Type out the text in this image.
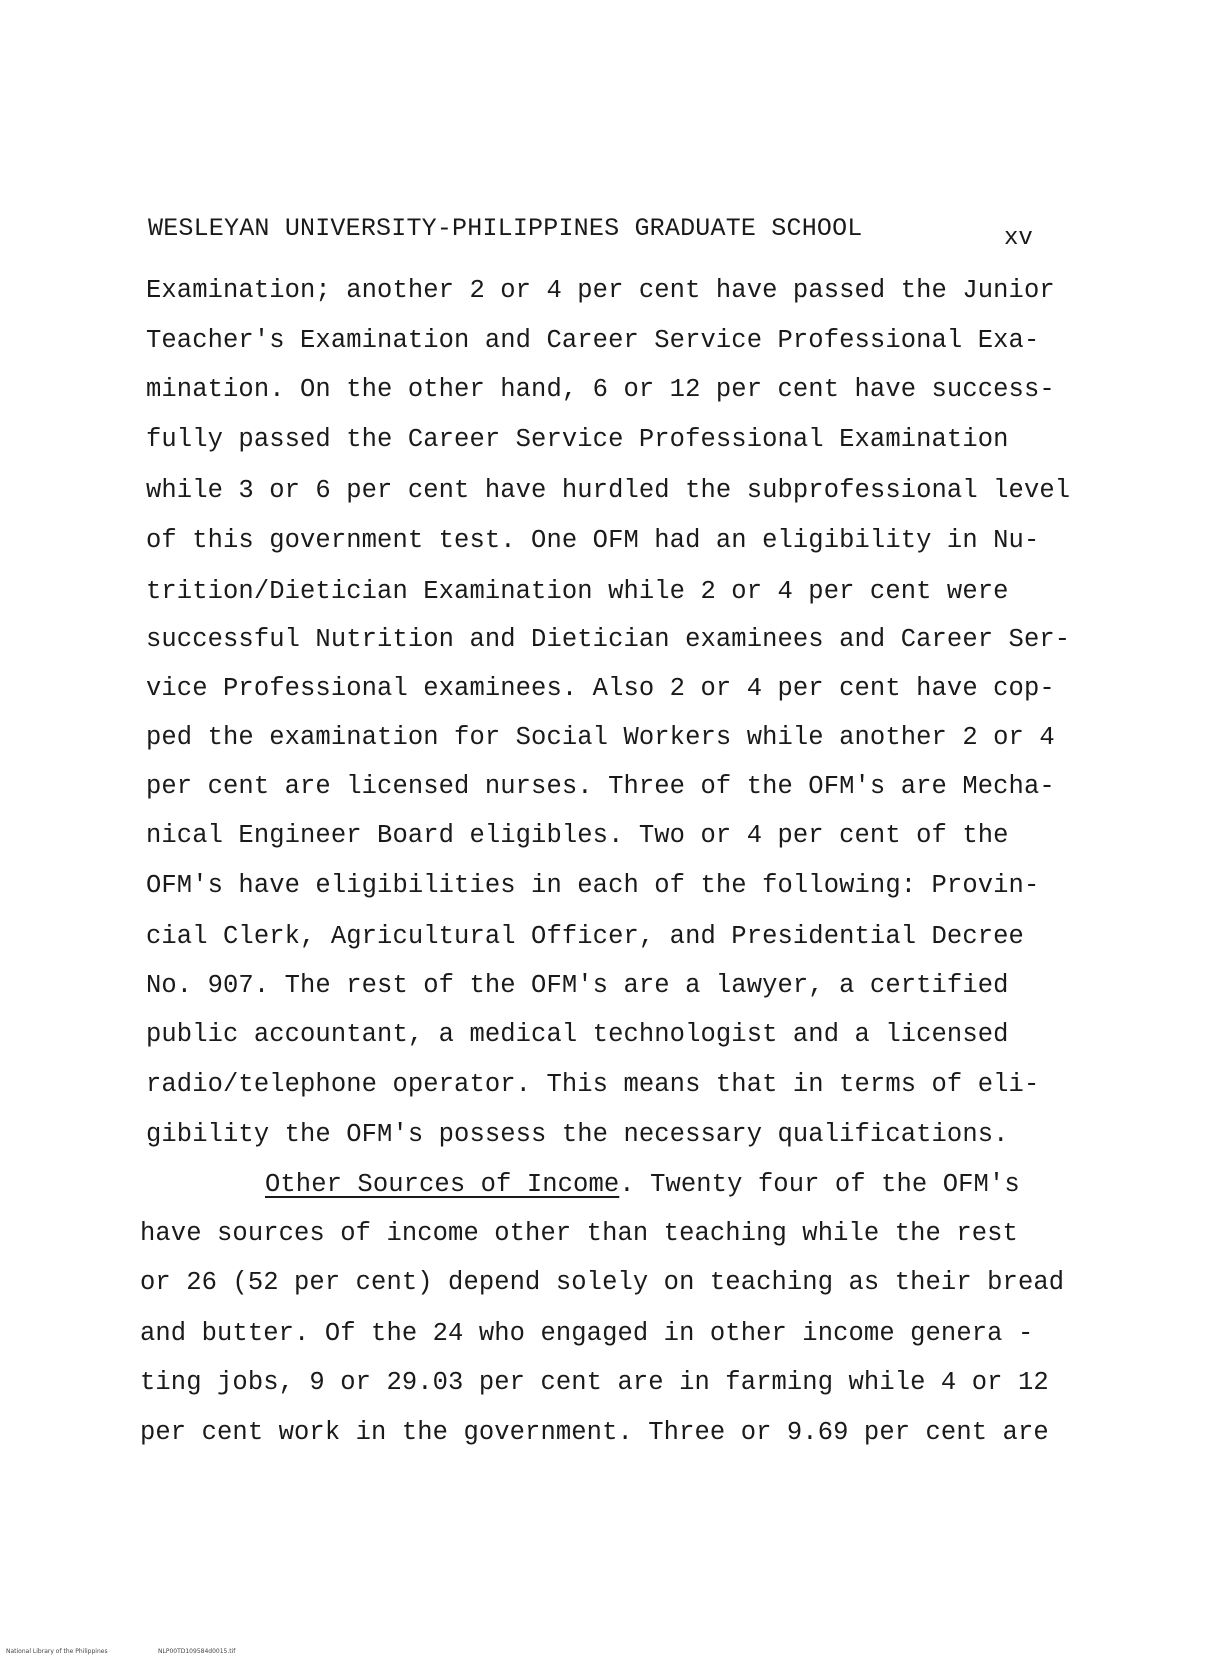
WESLEYAN UNIVERSITY-PHILIPPINES GRADUATE SCHOOL	xv
Examination; another 2 or 4 per cent have passed the Junior
Teacher's Examination and Career Service Professional Exa-
mination. On the other hand, 6 or 12 per cent have success-
fully passed the Career Service Professional Examination
while 3 or 6 per cent have hurdled the subprofessional level
of this government test. One OFM had an eligibility in Nu-
trition/Dietician Examination while 2 or 4 per cent were
successful Nutrition and Dietician examinees and Career Ser-
vice Professional examinees. Also 2 or 4 per cent have cop-
ped the examination for Social Workers while another 2 or 4
per cent are licensed nurses. Three of the OFM's are Mecha-
nical Engineer Board eligibles. Two or 4 per cent of the
OFM's have eligibilities in each of the following: Provin-
cial Clerk, Agricultural Officer, and Presidential Decree
No. 907. The rest of the OFM's are a lawyer, a certified
public accountant, a medical technologist and a licensed
radio/telephone operator. This means that in terms of eli-
gibility the OFM's possess the necessary qualifications.
Other Sources of Income. Twenty four of the OFM's
have sources of income other than teaching while the rest
or 26 (52 per cent) depend solely on teaching as their bread
and butter. Of the 24 who engaged in other income genera -
ting jobs, 9 or 29.03 per cent are in farming while 4 or 12
per cent work in the government. Three or 9.69 per cent are
National Library of the Philippines	NLP00TD109584d0015.tif
